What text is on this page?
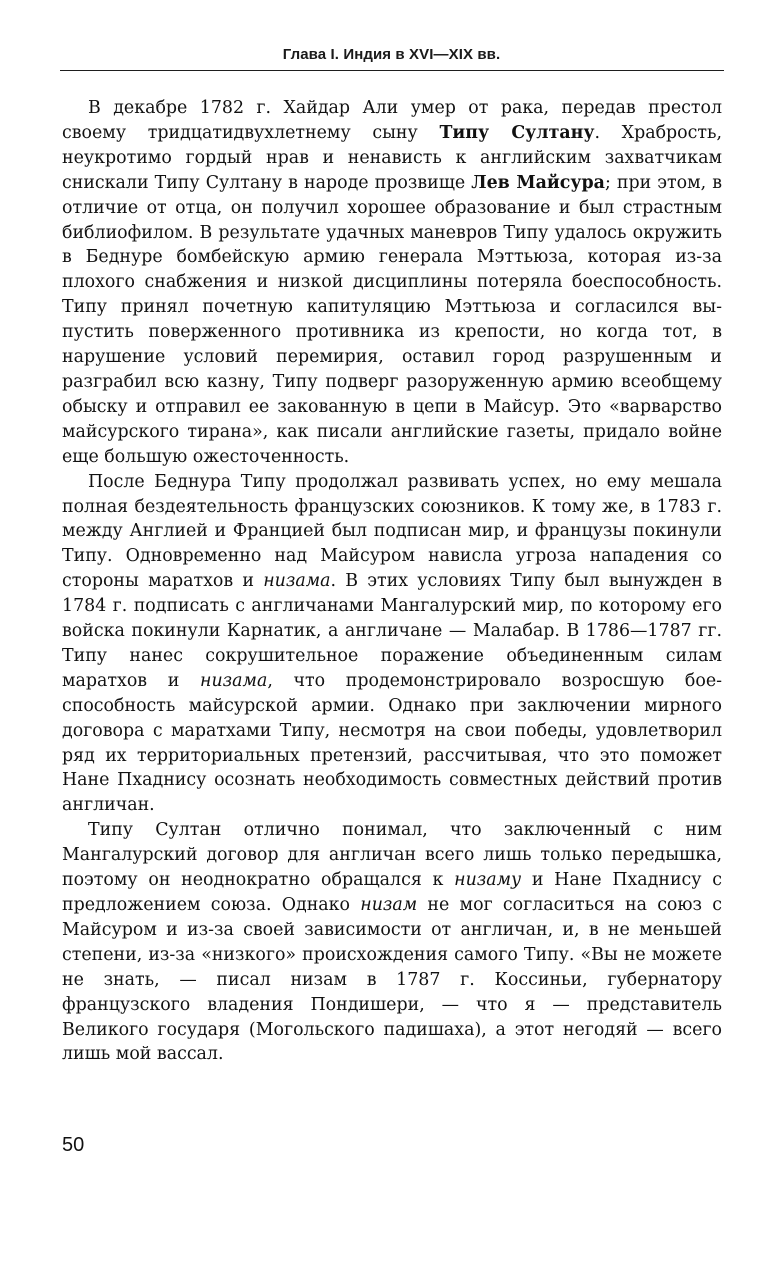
Глава I. Индия в XVI—XIX вв.

В декабре 1782 г. Хайдар Али умер от рака, передав престол своему тридцатидвухлетнему сыну Типу Султану. Храбрость, неукротимо гордый нрав и ненависть к английским захватчикам снискали Типу Султану в народе прозвище Лев Майсура; при этом, в отличие от отца, он получил хорошее образование и был страстным библиофилом. В результате удачных маневров Типу удалось окружить в Беднуре бомбейскую армию генерала Мэттьюза, которая из-за плохого снабжения и низкой дисциплины потеряла боеспособность. Типу принял почетную капитуляцию Мэттьюза и согласился выпустить поверженного противника из крепости, но когда тот, в нарушение условий перемирия, оставил город разрушенным и разграбил всю казну, Типу подверг разоруженную армию всеобщему обыску и отправил ее закованную в цепи в Майсур. Это «варварство майсурского тирана», как писали английские газеты, придало войне еще большую ожесточенность.

После Беднура Типу продолжал развивать успех, но ему мешала полная бездеятельность французских союзников. К тому же, в 1783 г. между Англией и Францией был подписан мир, и французы покинули Типу. Одновременно над Майсуром нависла угроза нападения со стороны маратхов и низама. В этих условиях Типу был вынужден в 1784 г. подписать с англичанами Мангалурский мир, по которому его войска покинули Карнатик, а англичане — Малабар. В 1786—1787 гг. Типу нанес сокрушительное поражение объединенным силам маратхов и низама, что продемонстрировало возросшую боеспособность майсурской армии. Однако при заключении мирного договора с маратхами Типу, несмотря на свои победы, удовлетворил ряд их территориальных претензий, рассчитывая, что это поможет Нане Пхаднису осознать необходимость совместных действий против англичан.

Типу Султан отлично понимал, что заключенный с ним Мангалурский договор для англичан всего лишь только передышка, поэтому он неоднократно обращался к низаму и Нане Пхаднису с предложением союза. Однако низам не мог согласиться на союз с Майсуром и из-за своей зависимости от англичан, и, в не меньшей степени, из-за «низкого» происхождения самого Типу. «Вы не можете не знать, — писал низам в 1787 г. Коссиньи, губернатору французского владения Пондишери, — что я — представитель Великого государя (Могольского падишаха), а этот негодяй — всего лишь мой вассал.

50
